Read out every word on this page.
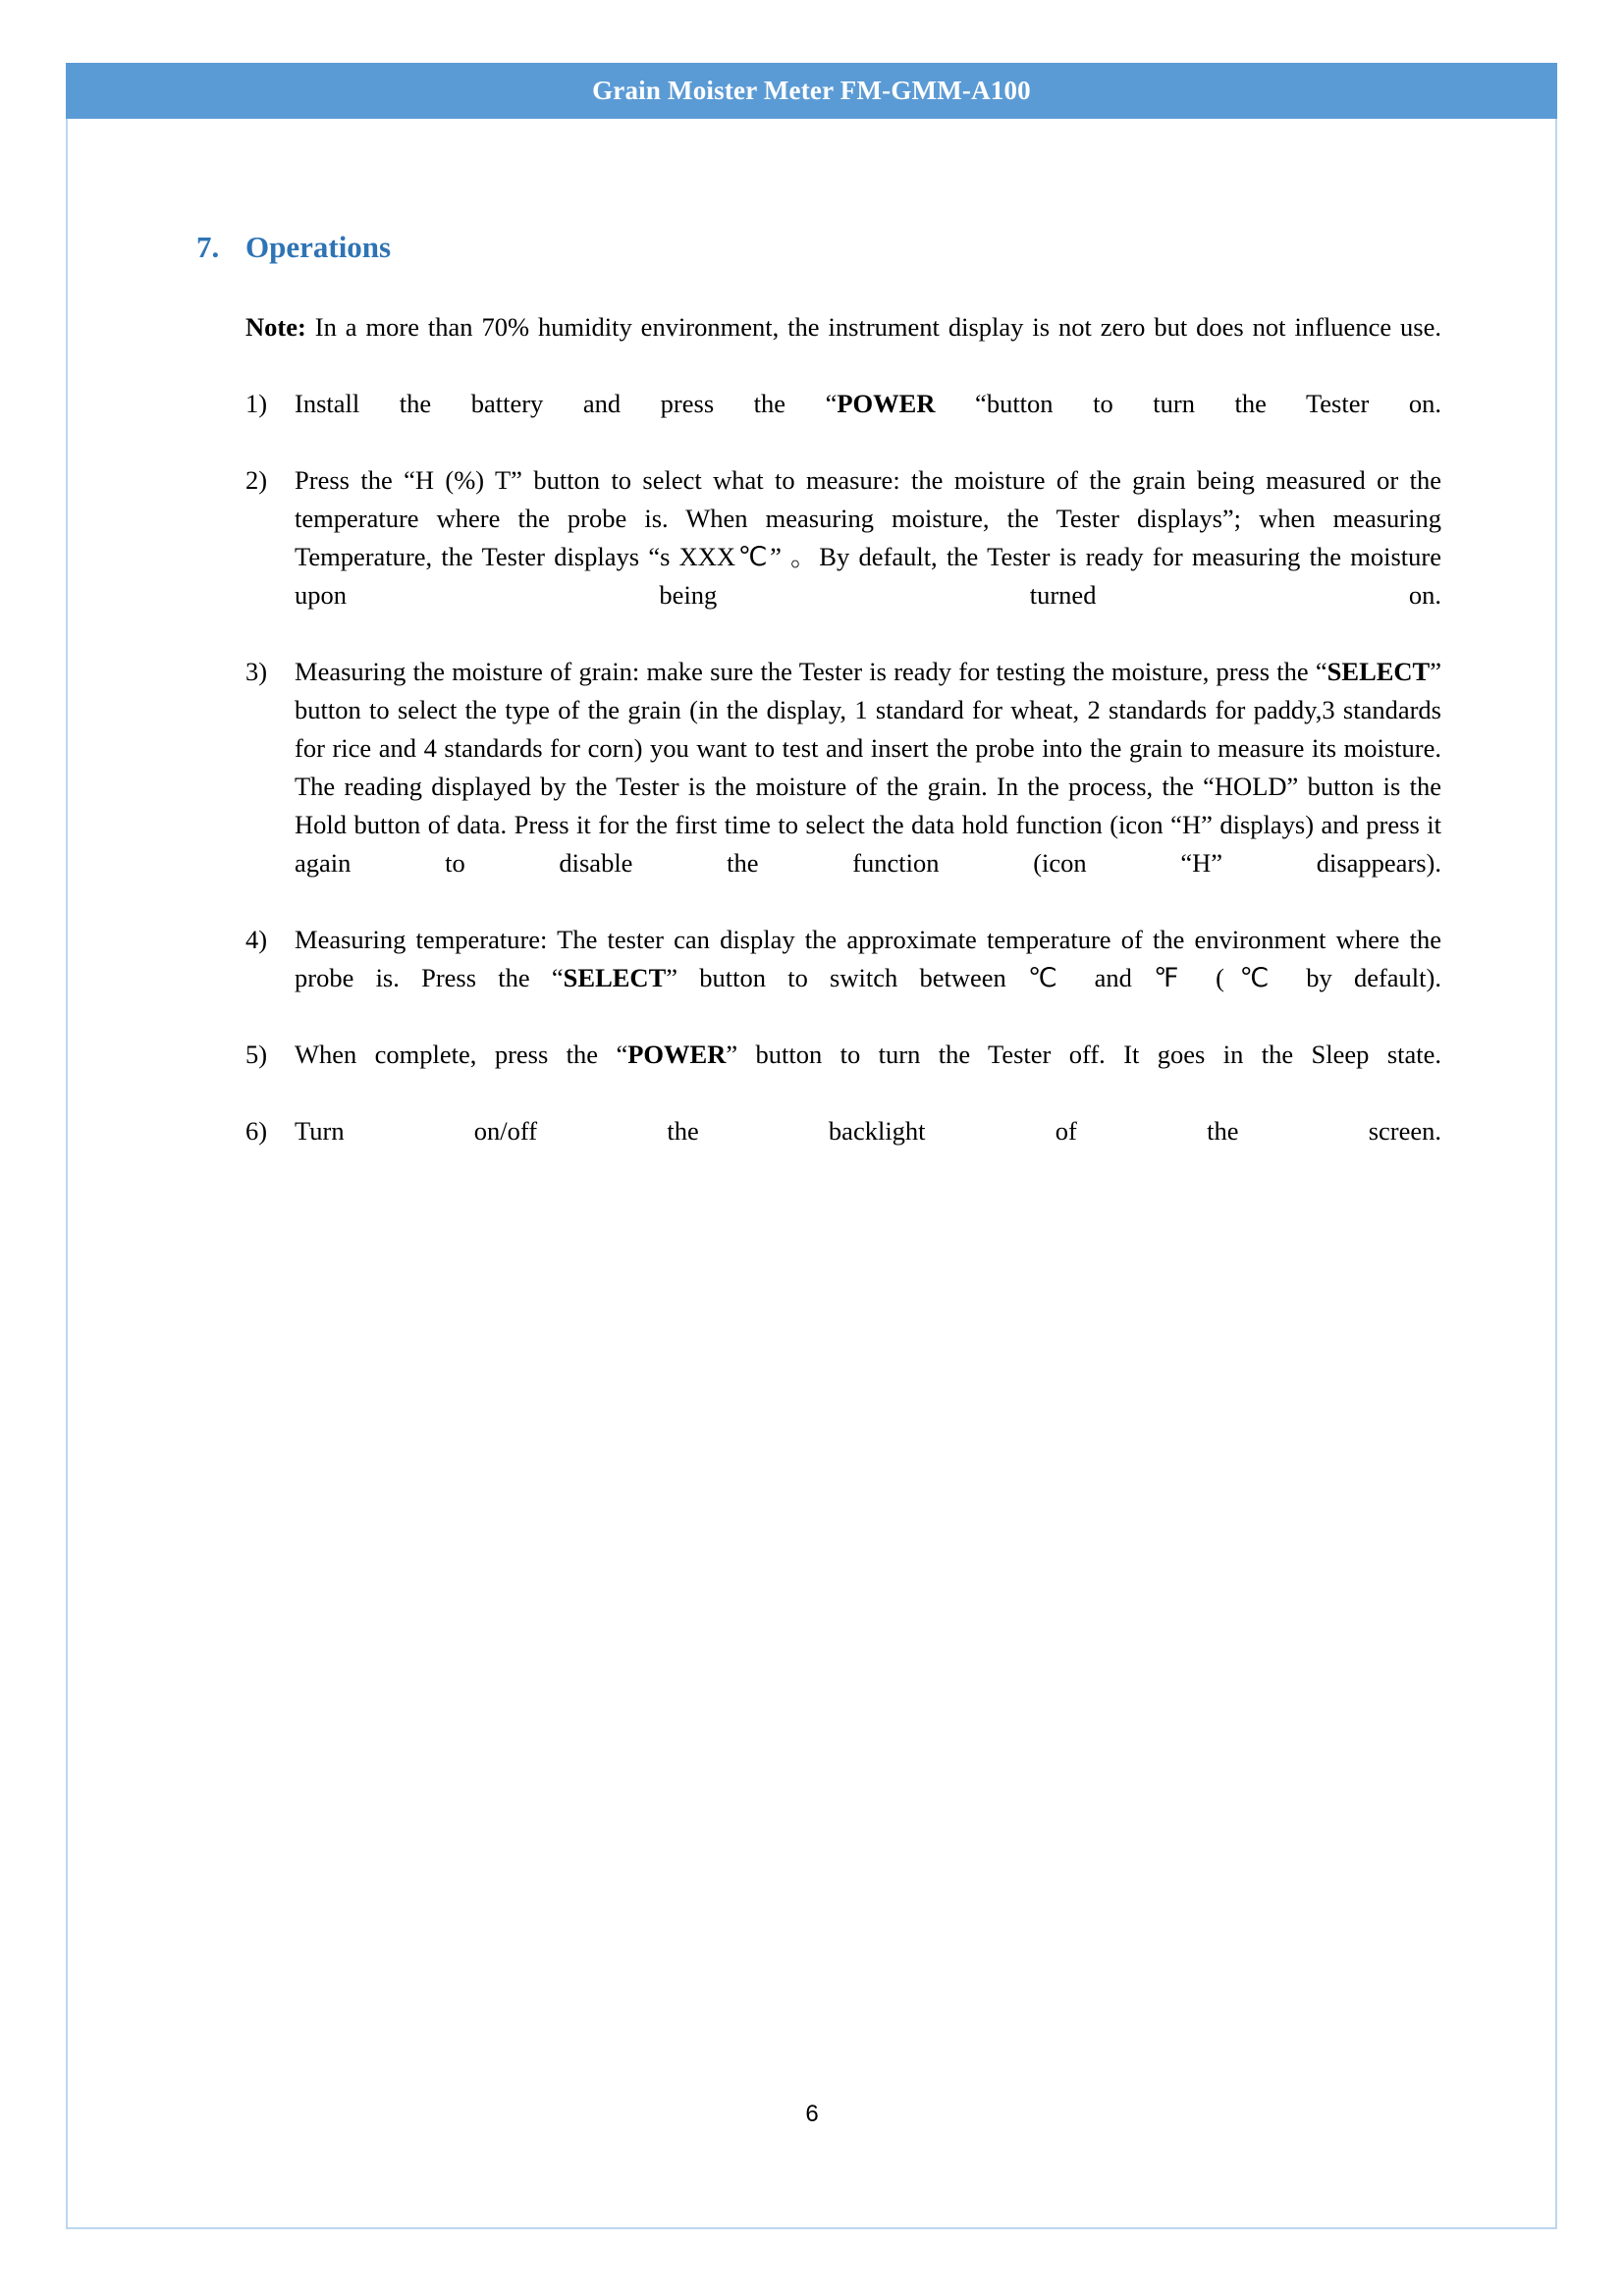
Grain Moister Meter FM-GMM-A100
7. Operations

Note: In a more than 70% humidity environment, the instrument display is not zero but does not influence use.

1)	Install the battery and press the “POWER “button to turn the Tester on.
2)	Press the “H (%) T” button to select what to measure: the moisture of the grain being measured or the temperature where the probe is. When measuring moisture, the Tester displays”; when measuring Temperature, the Tester displays “s XXX℃” 。By default, the Tester is ready for measuring the moisture upon being turned on.
3)	Measuring the moisture of grain: make sure the Tester is ready for testing the moisture, press the “SELECT” button to select the type of the grain (in the display, 1 standard for wheat, 2 standards for paddy,3 standards for rice and 4 standards for corn) you want to test and insert the probe into the grain to measure its moisture. The reading displayed by the Tester is the moisture of the grain. In the process, the “HOLD” button is the Hold button of data. Press it for the first time to select the data hold function (icon “H” displays) and press it again to disable the function (icon “H” disappears).
4)	Measuring temperature: The tester can display the approximate temperature of the environment where the probe is. Press the “SELECT” button to switch between ℃ and ℉ (℃ by default).
5)	When complete, press the “POWER” button to turn the Tester off. It goes in the Sleep state.
6)	Turn on/off the backlight of the screen.
6
